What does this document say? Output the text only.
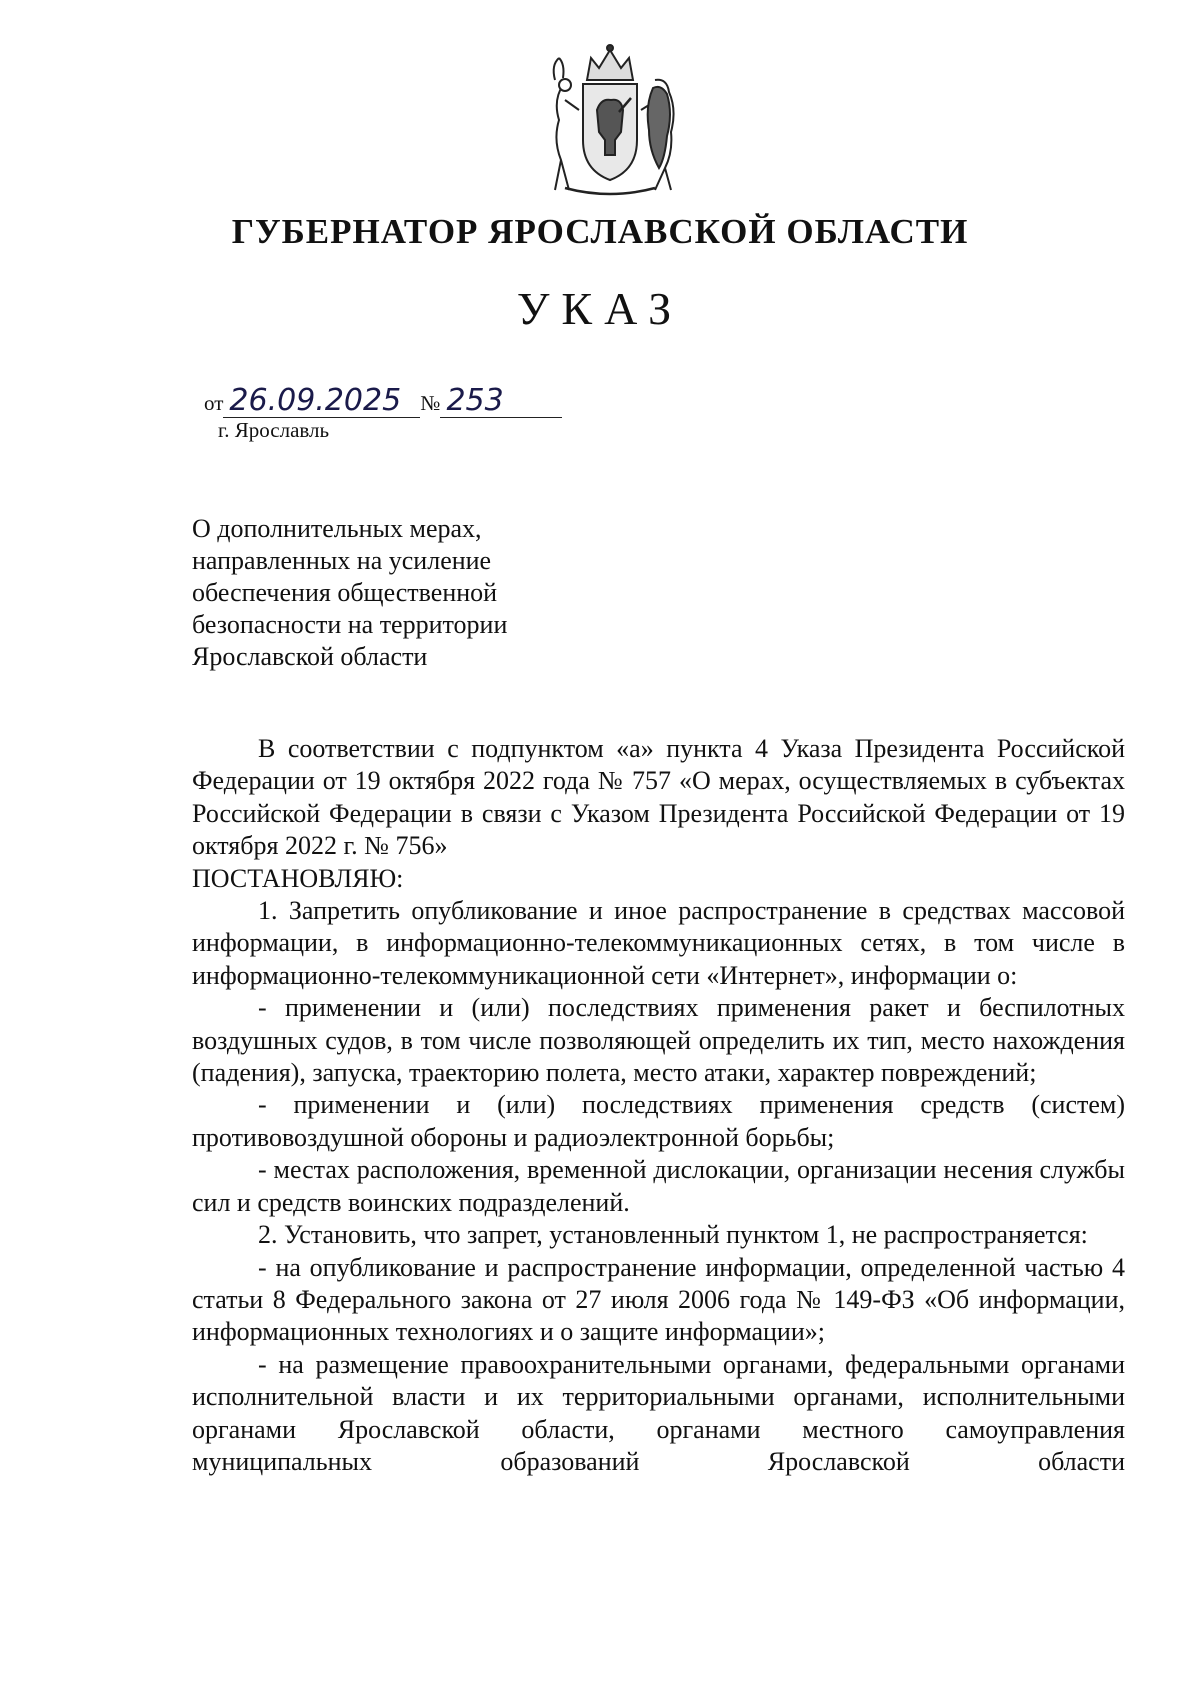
ГУБЕРНАТОР ЯРОСЛАВСКОЙ ОБЛАСТИ
УКАЗ
от 26.09.2025 № 253
г. Ярославль
О дополнительных мерах,
направленных на усиление
обеспечения общественной
безопасности на территории
Ярославской области

В соответствии с подпунктом «а» пункта 4 Указа Президента Российской Федерации от 19 октября 2022 года № 757 «О мерах, осуществляемых в субъектах Российской Федерации в связи с Указом Президента Российской Федерации от 19 октября 2022 г. № 756»

ПОСТАНОВЛЯЮ:

1. Запретить опубликование и иное распространение в средствах массовой информации, в информационно-телекоммуникационных сетях, в том числе в информационно-телекоммуникационной сети «Интернет», информации о:

- применении и (или) последствиях применения ракет и беспилотных воздушных судов, в том числе позволяющей определить их тип, место нахождения (падения), запуска, траекторию полета, место атаки, характер повреждений;

- применении и (или) последствиях применения средств (систем) противовоздушной обороны и радиоэлектронной борьбы;

- местах расположения, временной дислокации, организации несения службы сил и средств воинских подразделений.

2. Установить, что запрет, установленный пунктом 1, не распространяется:

- на опубликование и распространение информации, определенной частью 4 статьи 8 Федерального закона от 27 июля 2006 года № 149-ФЗ «Об информации, информационных технологиях и о защите информации»;

- на размещение правоохранительными органами, федеральными органами исполнительной власти и их территориальными органами, исполнительными органами Ярославской области, органами местного самоуправления муниципальных образований Ярославской области
